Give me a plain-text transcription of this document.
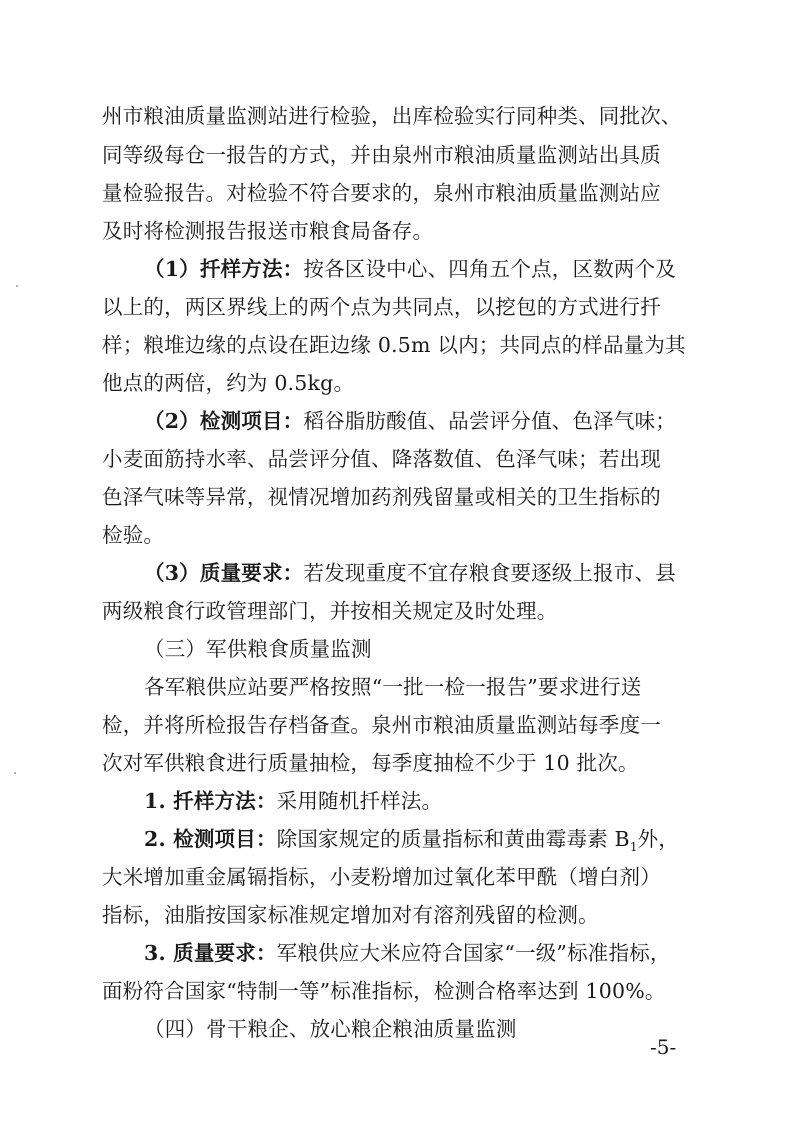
州市粮油质量监测站进行检验，出库检验实行同种类、同批次、
同等级每仓一报告的方式，并由泉州市粮油质量监测站出具质
量检验报告。对检验不符合要求的，泉州市粮油质量监测站应
及时将检测报告报送市粮食局备存。
（1）扦样方法：按各区设中心、四角五个点，区数两个及
以上的，两区界线上的两个点为共同点，以挖包的方式进行扦
样；粮堆边缘的点设在距边缘 0.5m 以内；共同点的样品量为其
他点的两倍，约为 0.5kg。
（2）检测项目：稻谷脂肪酸值、品尝评分值、色泽气味；
小麦面筋持水率、品尝评分值、降落数值、色泽气味；若出现
色泽气味等异常，视情况增加药剂残留量或相关的卫生指标的
检验。
（3）质量要求：若发现重度不宜存粮食要逐级上报市、县
两级粮食行政管理部门，并按相关规定及时处理。
（三）军供粮食质量监测
各军粮供应站要严格按照“一批一检一报告”要求进行送
检，并将所检报告存档备查。泉州市粮油质量监测站每季度一
次对军供粮食进行质量抽检，每季度抽检不少于 10 批次。
1. 扦样方法：采用随机扦样法。
2. 检测项目：除国家规定的质量指标和黄曲霉毒素 $B_1$外，
大米增加重金属镉指标，小麦粉增加过氧化苯甲酰（增白剂）
指标，油脂按国家标准规定增加对有溶剂残留的检测。
3. 质量要求：军粮供应大米应符合国家“一级”标准指标，
面粉符合国家“特制一等”标准指标，检测合格率达到 100%。
（四）骨干粮企、放心粮企粮油质量监测
-5-
